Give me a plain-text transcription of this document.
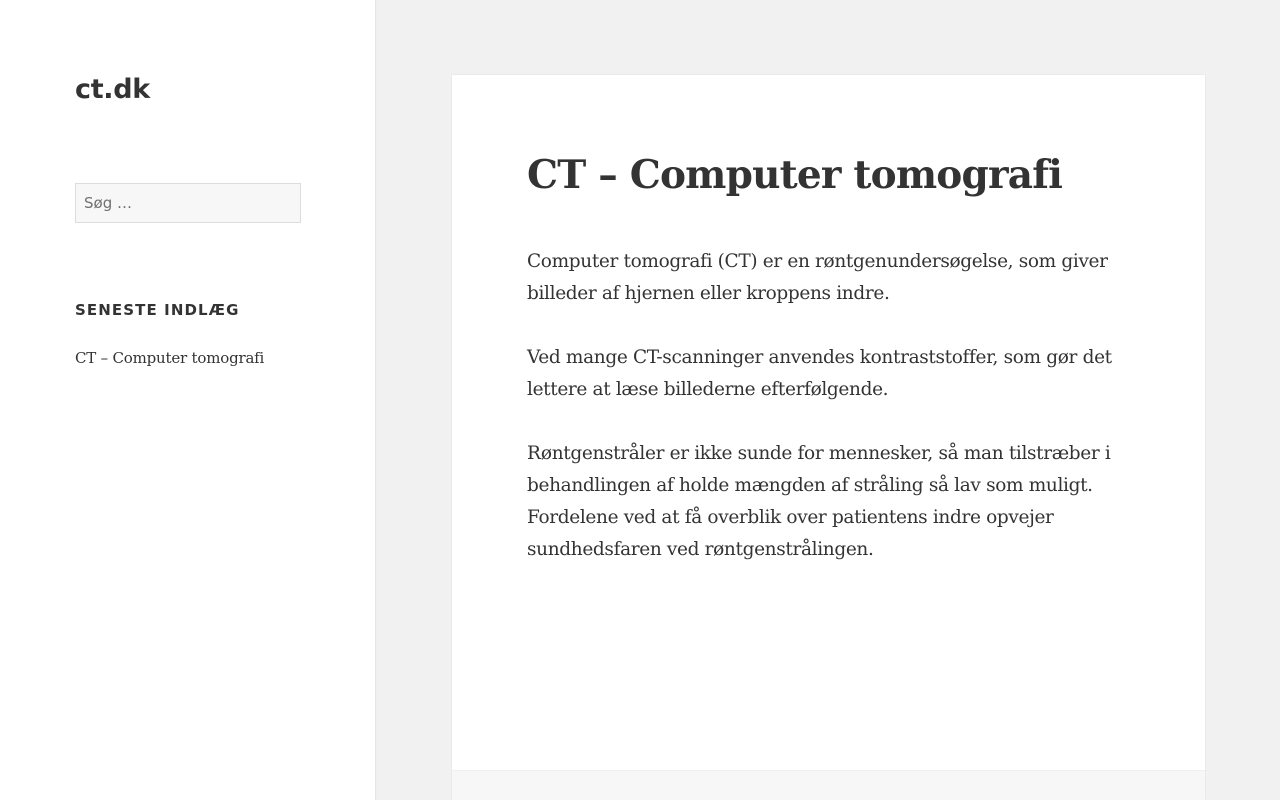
ct.dk
Søg …
SENESTE INDLÆG
CT – Computer tomografi
CT – Computer tomografi

Computer tomografi (CT) er en røntgenundersøgelse, som giver billeder af hjernen eller kroppens indre.

Ved mange CT-scanninger anvendes kontraststoffer, som gør det lettere at læse billederne efterfølgende.

Røntgenstråler er ikke sunde for mennesker, så man tilstræber i behandlingen af holde mængden af stråling så lav som muligt. Fordelene ved at få overblik over patientens indre opvejer sundhedsfaren ved røntgenstrålingen.
